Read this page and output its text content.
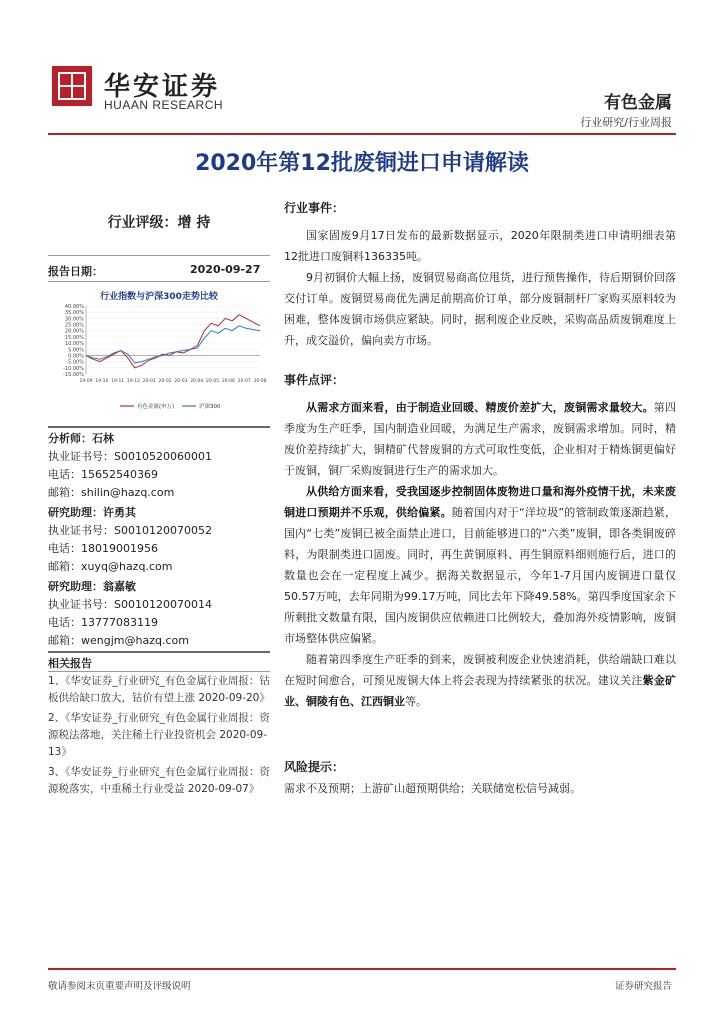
华安证券
HUAAN RESEARCH	有色金属
行业研究/行业周报
2020年第12批废铜进口申请解读
行业评级：增 持
报告日期：	2020-09-27
行业指数与沪深300走势比较
40.00%
35.00%
30.00%
25.00%
20.00%
15.00%
10.00%
5.00%
0.00%
-5.00%
-10.00%
-15.00%
19-09 19-10 19-11 19-12 20-01 20-02 20-03 20-04 20-05 20-06 20-07 20-08
有色金属(申万)	沪深300
分析师：石林
执业证书号：S0010520060001
电话：15652540369
邮箱：shilin@hazq.com
研究助理：许勇其
执业证书号：S0010120070052
电话：18019001956
邮箱：xuyq@hazq.com
研究助理：翁嘉敏
执业证书号：S0010120070014
电话：13777083119
邮箱：wengjm@hazq.com
相关报告
1、《华安证券_行业研究_有色金属行业周报：钴板供给缺口放大，钴价有望上涨 2020-09-20》
2、《华安证券_行业研究_有色金属行业周报：资源税法落地，关注稀土行业投资机会 2020-09-13》
3、《华安证券_行业研究_有色金属行业周报：资源税落实，中重稀土行业受益 2020-09-07》
行业事件：

国家固废9月17日发布的最新数据显示，2020年限制类进口申请明细表第12批进口废铜料136335吨。

9月初铜价大幅上扬，废铜贸易商高位甩货，进行预售操作，待后期铜价回落交付订单。废铜贸易商优先满足前期高价订单，部分废铜制杆厂家购买原料较为困难，整体废铜市场供应紧缺。同时，据利废企业反映，采购高品质废铜难度上升，成交溢价，偏向卖方市场。

事件点评：

从需求方面来看，由于制造业回暖、精废价差扩大，废铜需求量较大。第四季度为生产旺季，国内制造业回暖，为满足生产需求，废铜需求增加。同时，精废价差持续扩大，铜精矿代替废铜的方式可取性变低，企业相对于精炼铜更偏好于废铜，铜厂采购废铜进行生产的需求加大。

从供给方面来看，受我国逐步控制固体废物进口量和海外疫情干扰，未来废铜进口预期并不乐观，供给偏紧。随着国内对于“洋垃圾”的管制政策逐渐趋紧，国内“七类”废铜已被全面禁止进口，目前能够进口的“六类”废铜，即各类铜废碎料，为限制类进口固废。同时，再生黄铜原料、再生铜原料细则施行后，进口的数量也会在一定程度上减少。据海关数据显示，今年1-7月国内废铜进口量仅50.57万吨，去年同期为99.17万吨，同比去年下降49.58%。第四季度国家余下所剩批文数量有限，国内废铜供应依赖进口比例较大，叠加海外疫情影响，废铜市场整体供应偏紧。

随着第四季度生产旺季的到来，废铜被利废企业快速消耗，供给端缺口难以在短时间愈合，可预见废铜大体上将会表现为持续紧张的状况。建议关注紫金矿业、铜陵有色、江西铜业等。

风险提示：
需求不及预期；上游矿山超预期供给；关联储宽松信号减弱。
敬请参阅末页重要声明及评级说明	证券研究报告
